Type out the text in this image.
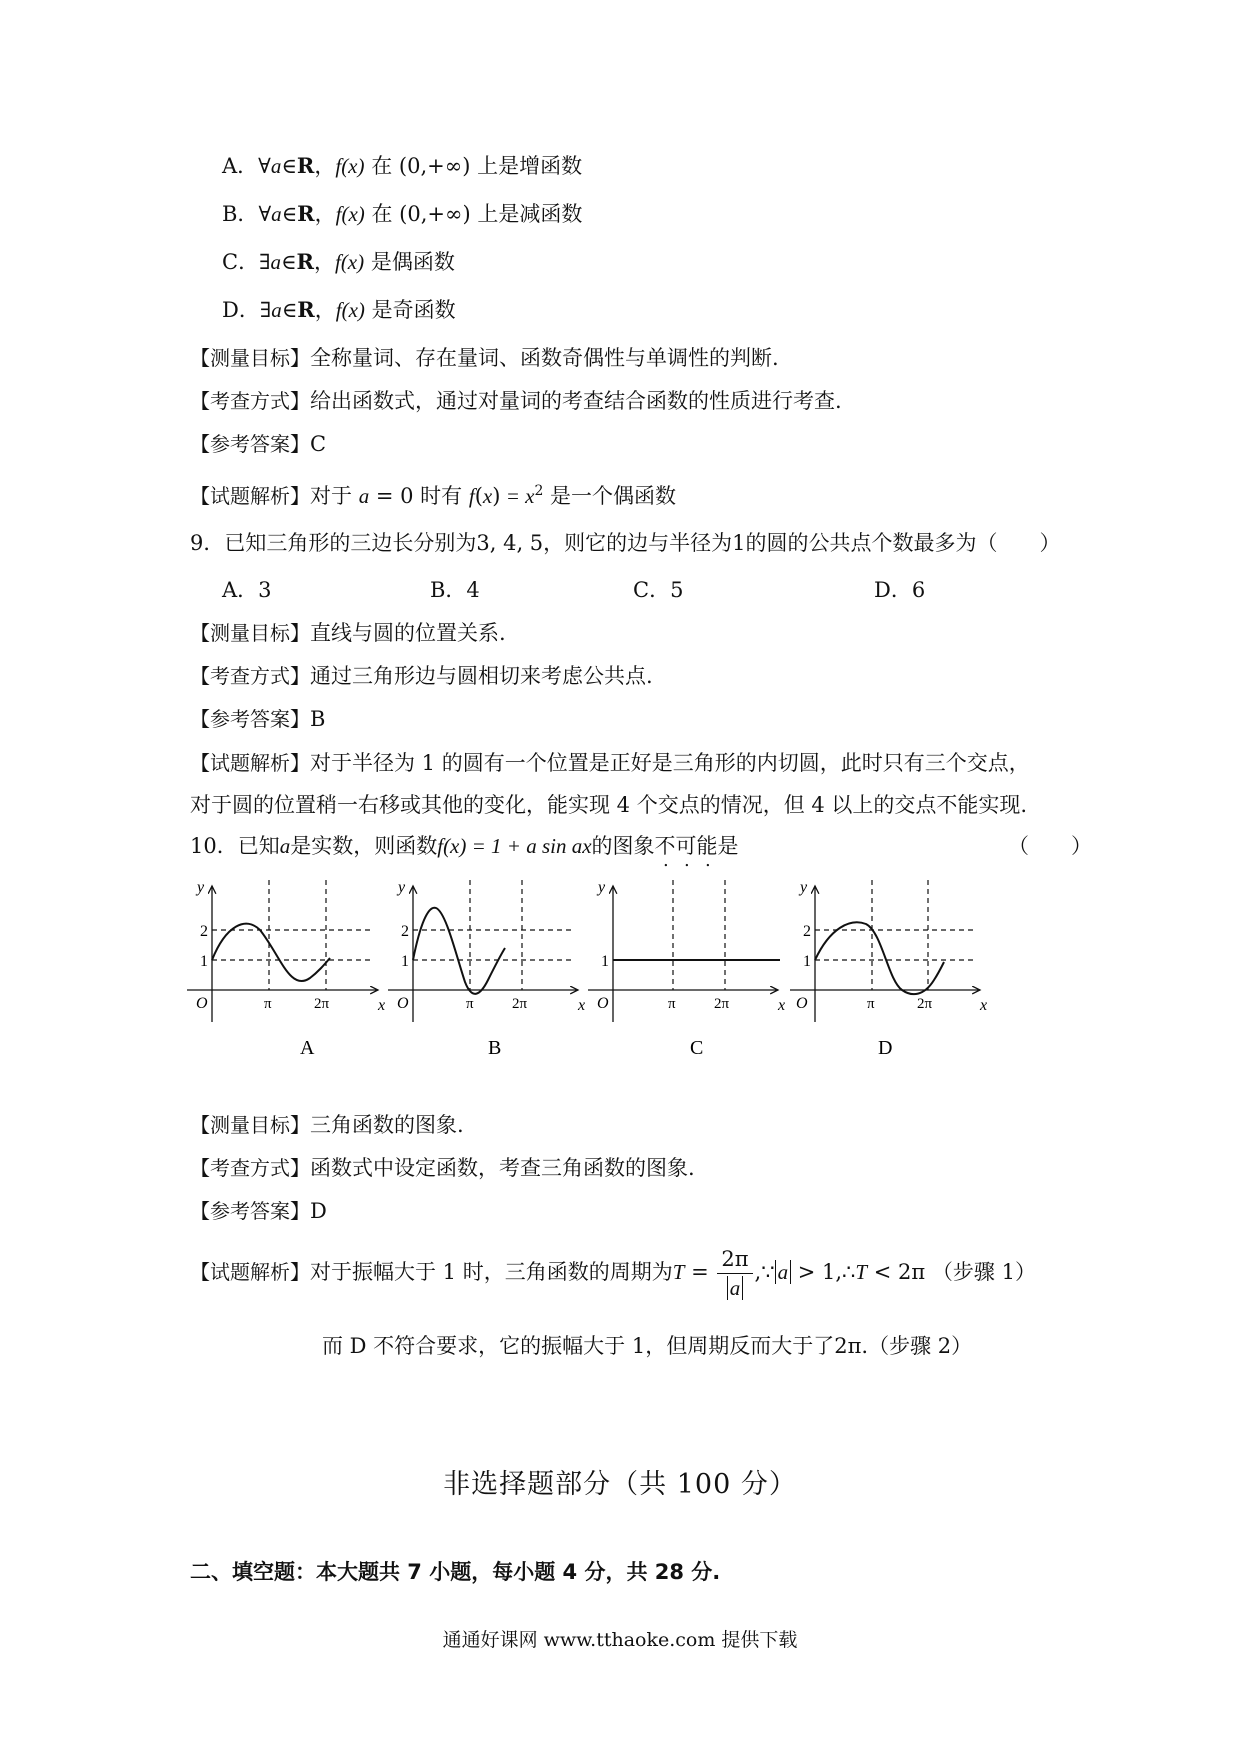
A．∀a∈R，f(x) 在 (0,+∞) 上是增函数
B．∀a∈R，f(x) 在 (0,+∞) 上是减函数
C．∃a∈R，f(x) 是偶函数
D．∃a∈R，f(x) 是奇函数
【测量目标】全称量词、存在量词、函数奇偶性与单调性的判断.
【考查方式】给出函数式，通过对量词的考查结合函数的性质进行考查.
【参考答案】C
【试题解析】对于 a = 0 时有 $f(x) = x^2$ 是一个偶函数
9．已知三角形的三边长分别为3, 4, 5，则它的边与半径为1的圆的公共点个数最多为（　　）
A．3	B．4	C．5	D．6
【测量目标】直线与圆的位置关系.
【考查方式】通过三角形边与圆相切来考虑公共点.
【参考答案】B
【试题解析】对于半径为 1 的圆有一个位置是正好是三角形的内切圆，此时只有三个交点，
对于圆的位置稍一右移或其他的变化，能实现 4 个交点的情况，但 4 以上的交点不能实现.
10．已知a是实数，则函数f(x) = 1 + a sin ax的图象不可能是	（　　）
y
x
O
2
1
π	2π
A
y
x
O
2
1
π	2π
B
y
x
O
1
π	2π
C
y
x
O
2
1
π	2π
D
【测量目标】三角函数的图象.
【考查方式】函数式中设定函数，考查三角函数的图象.
【参考答案】D
【试题解析】对于振幅大于 1 时，三角函数的周期为$T = \frac{2\pi}{a}$ ,∵ a > 1,∴T < 2π （步骤 1）
而 D 不符合要求，它的振幅大于 1，但周期反而大于了2π.（步骤 2）
非选择题部分（共 100 分）
二、填空题：本大题共 7 小题，每小题 4 分，共 28 分.
通通好课网 www.tthaoke.com 提供下载
